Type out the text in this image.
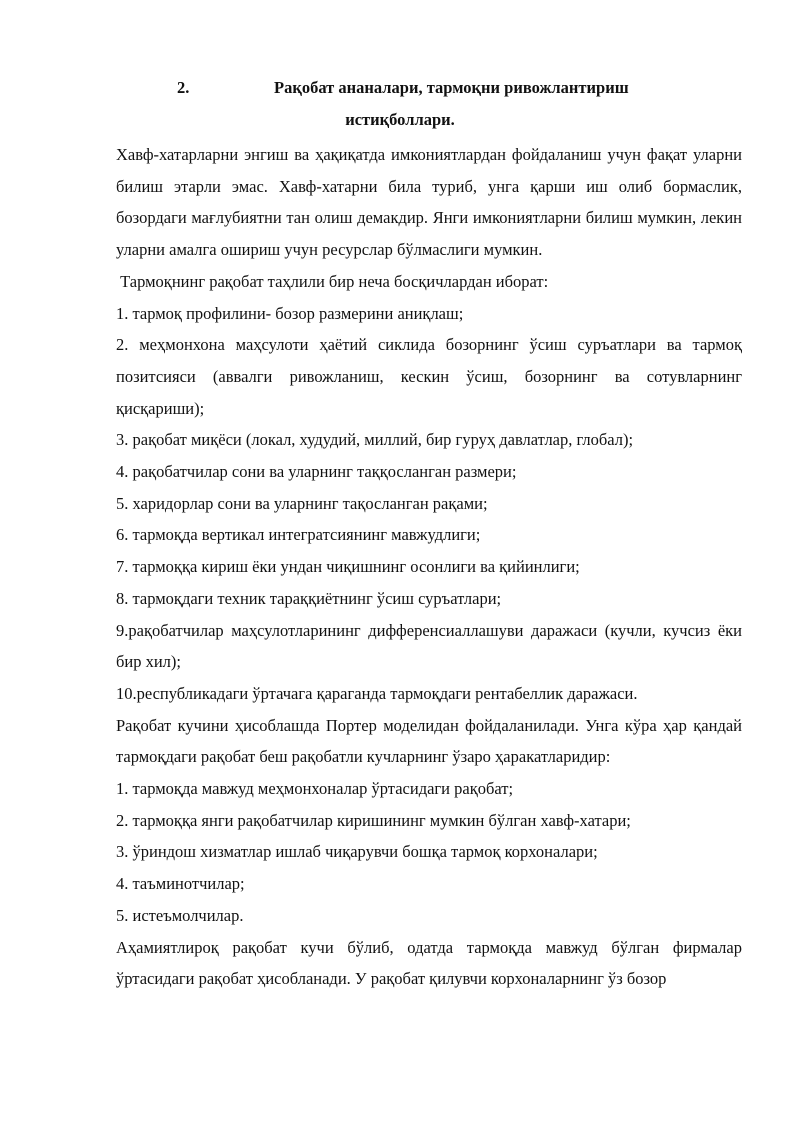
2.	Рақобат ананалари, тармоқни ривожлантириш
истиқболлари.

Хавф-хатарларни энгиш ва ҳақиқатда имкониятлардан фойдаланиш учун фақат уларни билиш этарли эмас. Хавф-хатарни била туриб, унга қарши иш олиб бормаслик, бозордаги мағлубиятни тан олиш демакдир. Янги имкониятларни билиш мумкин, лекин уларни амалга ошириш учун ресурслар бўлмаслиги мумкин.

Тармоқнинг рақобат таҳлили бир неча босқичлардан иборат:

1. тармоқ профилини- бозор размерини аниқлаш;

2. меҳмонхона маҳсулоти ҳаётий сиклида бозорнинг ўсиш суръатлари ва тармоқ позитсияси (аввалги ривожланиш, кескин ўсиш, бозорнинг ва сотувларнинг қисқариши);

3. рақобат миқёси (локал, худудий, миллий, бир гуруҳ давлатлар, глобал);

4. рақобатчилар сони ва уларнинг таққосланган размери;

5. харидорлар сони ва уларнинг тақосланган рақами;

6. тармоқда вертикал интегратсиянинг мавжудлиги;

7. тармоққа кириш ёки ундан чиқишнинг осонлиги ва қийинлиги;

8. тармоқдаги техник тараққиётнинг ўсиш суръатлари;

9.рақобатчилар маҳсулотларининг дифференсиаллашуви даражаси (кучли, кучсиз ёки бир хил);

10.республикадаги ўртачага қараганда тармоқдаги рентабеллик даражаси.

Рақобат кучини ҳисоблашда Портер моделидан фойдаланилади. Унга кўра ҳар қандай тармоқдаги рақобат беш рақобатли кучларнинг ўзаро ҳаракатларидир:

1. тармоқда мавжуд меҳмонхоналар ўртасидаги рақобат;

2. тармоққа янги рақобатчилар киришининг мумкин бўлган хавф-хатари;

3. ўриндош хизматлар ишлаб чиқарувчи бошқа тармоқ корхоналари;

4. таъминотчилар;

5. истеъмолчилар.

Аҳамиятлироқ рақобат кучи бўлиб, одатда тармоқда мавжуд бўлган фирмалар ўртасидаги рақобат ҳисобланади. У рақобат қилувчи корхоналарнинг ўз бозор
